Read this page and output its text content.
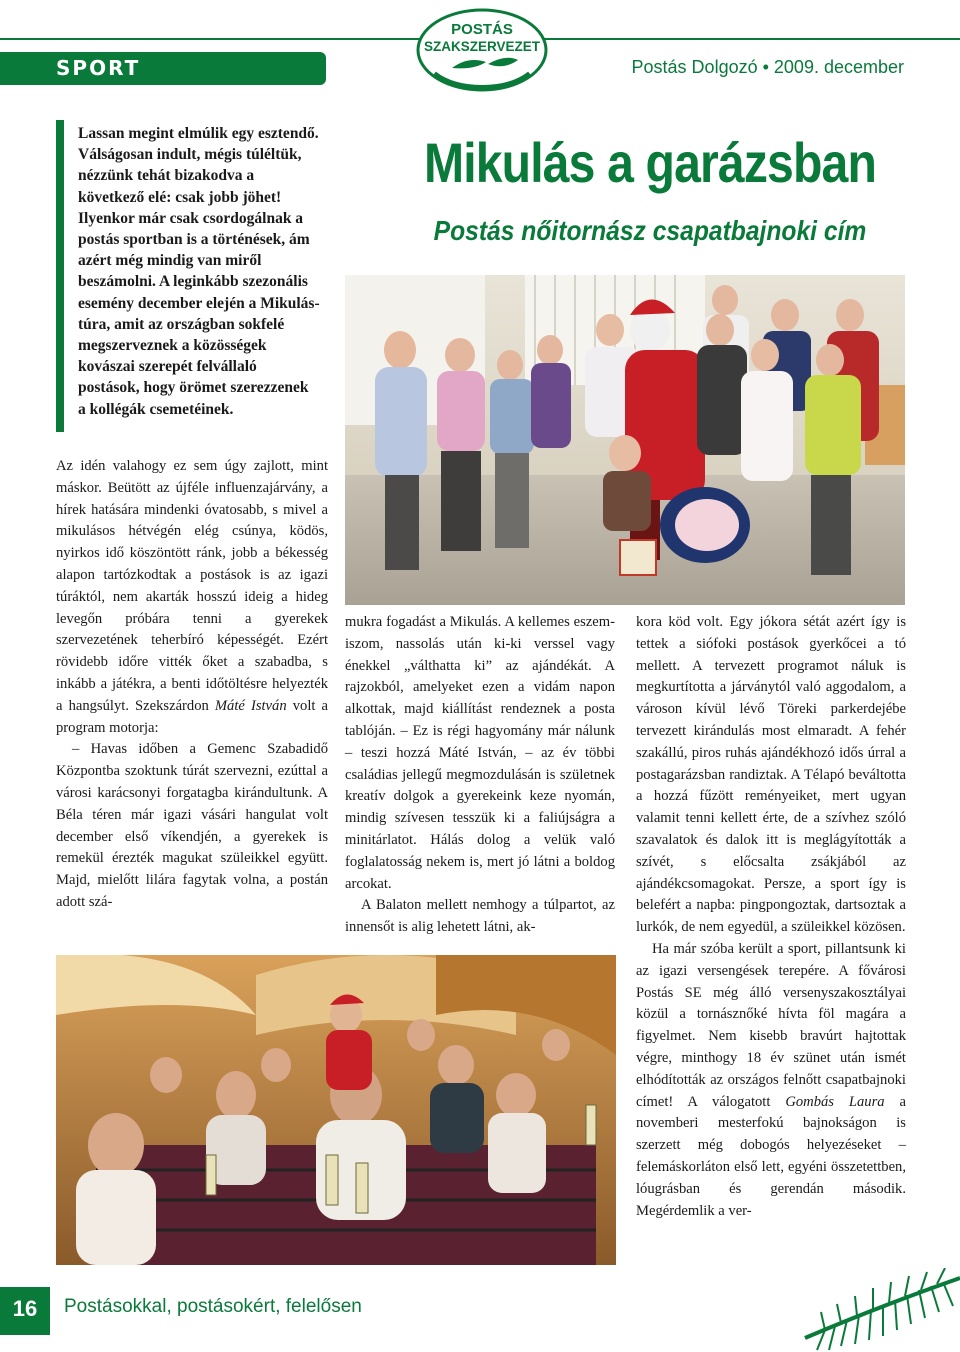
SPORT
POSTÁS
SZAKSZERVEZET
Postás Dolgozó • 2009. december

Lassan megint elmúlik egy esztendő. Válságosan indult, mégis túléltük, nézzünk tehát bizakodva a következő elé: csak jobb jöhet! Ilyenkor már csak csordogálnak a postás sportban is a történések, ám azért még mindig van miről beszámolni. A leginkább szezonális esemény december elején a Mikulás-túra, amit az országban sokfelé megszerveznek a közösségek kovászai szerepét felvállaló postások, hogy örömet szerezzenek a kollégák csemetéinek.

Mikulás a garázsban
Postás nőitornász csapatbajnoki cím

Az idén valahogy ez sem úgy zajlott, mint máskor. Beütött az újféle influenzajárvány, a hírek hatására mindenki óvatosabb, s mivel a mikulásos hétvégén elég csúnya, ködös, nyirkos idő köszöntött ránk, jobb a békesség alapon tartózkodtak a postások is az igazi túráktól, nem akarták hosszú ideig a hideg levegőn próbára tenni a gyerekek szervezetének teherbíró képességét. Ezért rövidebb időre vitték őket a szabadba, s inkább a játékra, a benti időtöltésre helyezték a hangsúlyt. Szekszárdon Máté István volt a program motorja:

– Havas időben a Gemenc Szabadidő Központba szoktunk túrát szervezni, ezúttal a városi karácsonyi forgatagba kirándultunk. A Béla téren már igazi vásári hangulat volt december első víkendjén, a gyerekek is remekül érezték magukat szüleikkel együtt. Majd, mielőtt lilára fagytak volna, a postán adott szá-

mukra fogadást a Mikulás. A kellemes eszem-iszom, nassolás után ki-ki verssel vagy énekkel „válthatta ki” az ajándékát. A rajzokból, amelyeket ezen a vidám napon alkottak, majd kiállítást rendeznek a posta tablóján. – Ez is régi hagyomány már nálunk – teszi hozzá Máté István, – az év többi családias jellegű megmozdulásán is születnek kreatív dolgok a gyerekeink keze nyomán, mindig szívesen tesszük ki a faliújságra a minitárlatot. Hálás dolog a velük való foglalatosság nekem is, mert jó látni a boldog arcokat.

A Balaton mellett nemhogy a túlpartot, az innensőt is alig lehetett látni, ak-

kora köd volt. Egy jókora sétát azért így is tettek a siófoki postások gyerkőcei a tó mellett. A tervezett programot náluk is megkurtította a járványtól való aggodalom, a városon kívül lévő Töreki parkerdejébe tervezett kirándulás most elmaradt. A fehér szakállú, piros ruhás ajándékhozó idős úrral a postagarázsban randiztak. A Télapó beváltotta a hozzá fűzött reményeiket, mert ugyan valamit tenni kellett érte, de a szívhez szóló szavalatok és dalok itt is meglágyították a szívét, s előcsalta zsákjából az ajándékcsomagokat. Persze, a sport így is belefért a napba: pingpongoztak, dartsoztak a lurkók, de nem egyedül, a szüleikkel közösen.

Ha már szóba került a sport, pillantsunk ki az igazi versengések terepére. A fővárosi Postás SE még álló versenyszakosztályai közül a tornásznőké hívta föl magára a figyelmet. Nem kisebb bravúrt hajtottak végre, minthogy 18 év szünet után ismét elhódították az országos felnőtt csapatbajnoki címet! A válogatott Gombás Laura a novemberi mesterfokú bajnokságon is szerzett még dobogós helyezéseket – felemáskorláton első lett, egyéni összetettben, lóugrásban és gerendán második. Megérdemlik a ver-

16	Postásokkal, postásokért, felelősen
